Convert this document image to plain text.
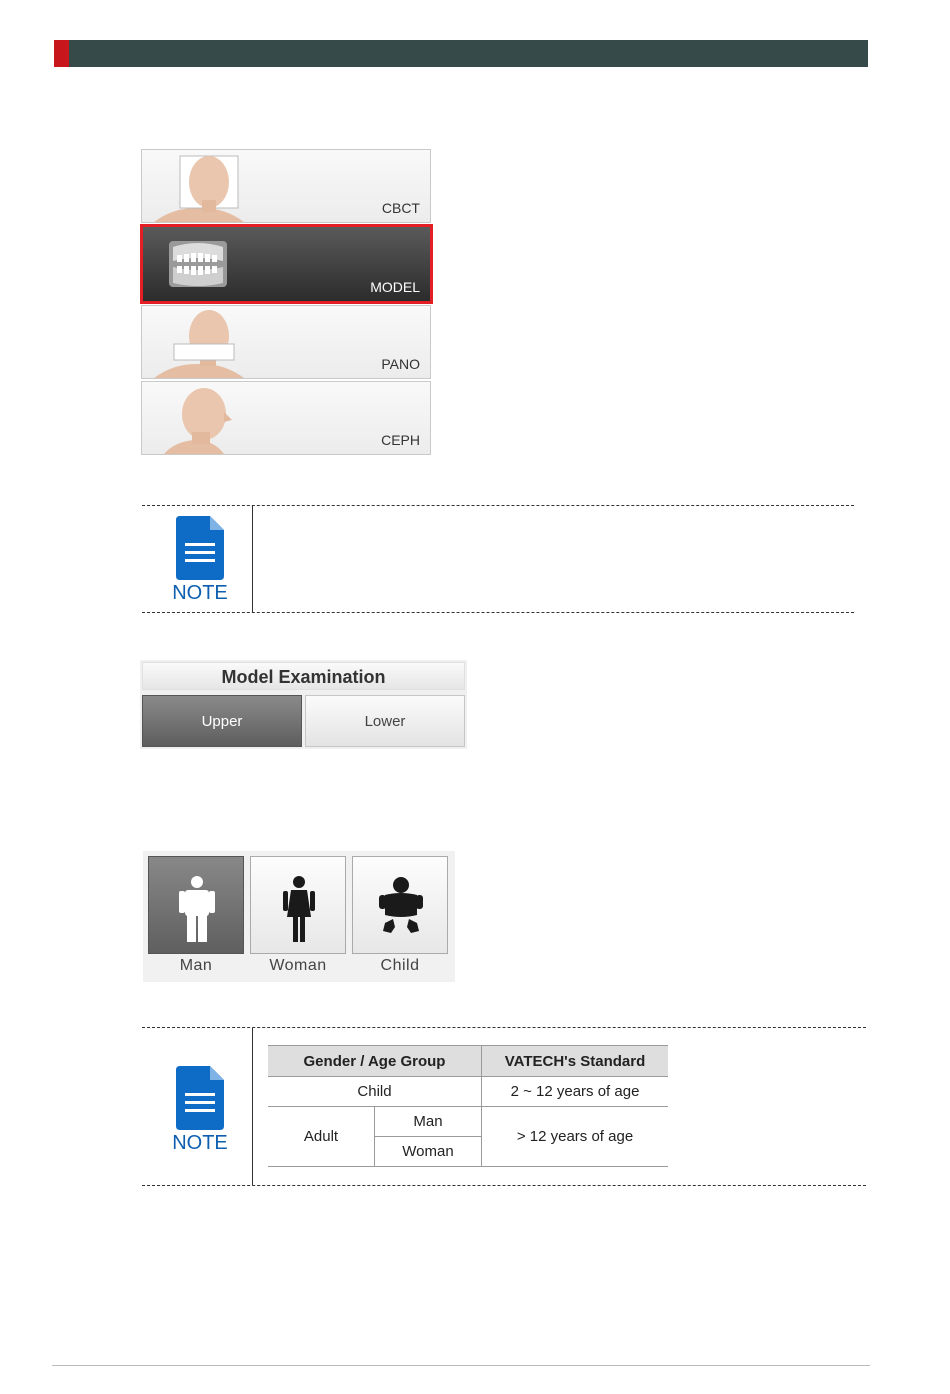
CBCT
MODEL
PANO
CEPH
NOTE
Model Examination
Upper	Lower
Man	Woman	Child
NOTE
Gender / Age Group		VATECH's Standard
Child		2 ~ 12 years of age
Adult	Man	> 12 years of age
	Woman	
